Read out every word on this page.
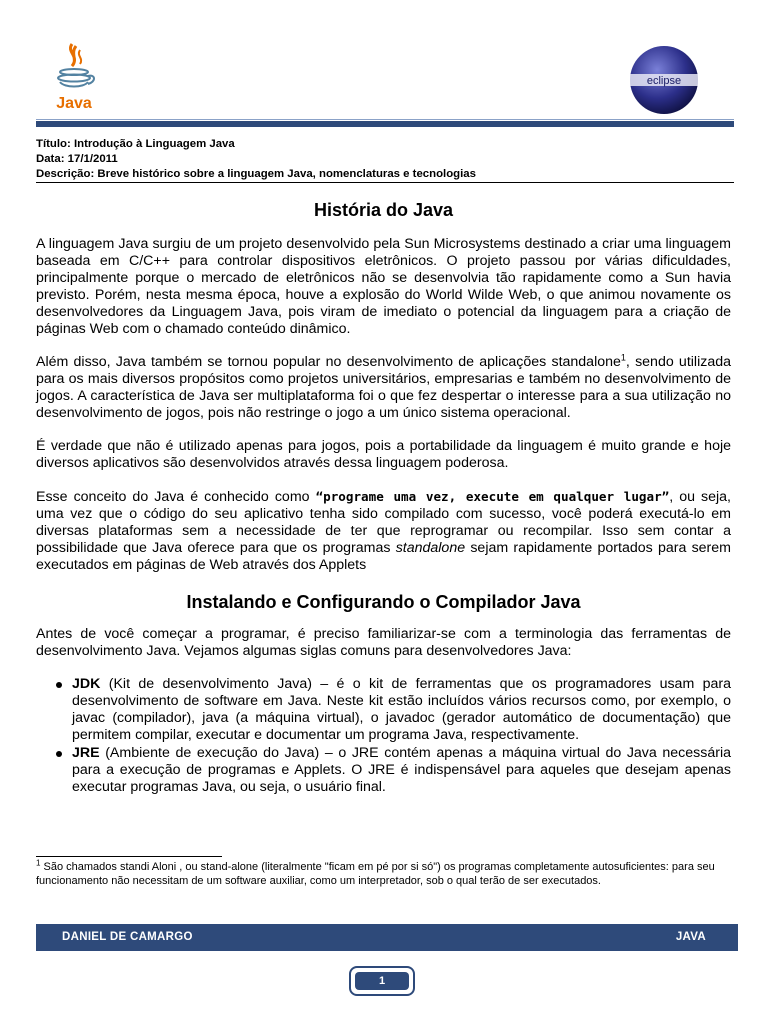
Java
eclipse
Título: Introdução à Linguagem Java
Data: 17/1/2011
Descrição: Breve histórico sobre a linguagem Java, nomenclaturas e tecnologias
História do Java

A linguagem Java surgiu de um projeto desenvolvido pela Sun Microsystems destinado a criar uma linguagem baseada em C/C++ para controlar dispositivos eletrônicos. O projeto passou por várias dificuldades, principalmente porque o mercado de eletrônicos não se desenvolvia tão rapidamente como a Sun havia previsto. Porém, nesta mesma época, houve a explosão do World Wilde Web, o que animou novamente os desenvolvedores da Linguagem Java, pois viram de imediato o potencial da linguagem para a criação de páginas Web com o chamado conteúdo dinâmico.

Além disso, Java também se tornou popular no desenvolvimento de aplicações standalone$^1$, sendo utilizada para os mais diversos propósitos como projetos universitários, empresarias e também no desenvolvimento de jogos. A característica de Java ser multiplataforma foi o que fez despertar o interesse para a sua utilização no desenvolvimento de jogos, pois não restringe o jogo a um único sistema operacional.

É verdade que não é utilizado apenas para jogos, pois a portabilidade da linguagem é muito grande e hoje diversos aplicativos são desenvolvidos através dessa linguagem poderosa.

Esse conceito do Java é conhecido como “programe uma vez, execute em qualquer lugar”, ou seja, uma vez que o código do seu aplicativo tenha sido compilado com sucesso, você poderá executá-lo em diversas plataformas sem a necessidade de ter que reprogramar ou recompilar. Isso sem contar a possibilidade que Java oferece para que os programas standalone sejam rapidamente portados para serem executados em páginas de Web através dos Applets

Instalando e Configurando o Compilador Java

Antes de você começar a programar, é preciso familiarizar-se com a terminologia das ferramentas de desenvolvimento Java. Vejamos algumas siglas comuns para desenvolvedores Java:

JDK (Kit de desenvolvimento Java) – é o kit de ferramentas que os programadores usam para desenvolvimento de software em Java. Neste kit estão incluídos vários recursos como, por exemplo, o javac (compilador), java (a máquina virtual), o javadoc (gerador automático de documentação) que permitem compilar, executar e documentar um programa Java, respectivamente.
JRE (Ambiente de execução do Java) – o JRE contém apenas a máquina virtual do Java necessária para a execução de programas e Applets. O JRE é indispensável para aqueles que desejam apenas executar programas Java, ou seja, o usuário final.
$^1$ São chamados standi Aloni , ou stand-alone (literalmente "ficam em pé por si só") os programas completamente autosuficientes: para seu funcionamento não necessitam de um software auxiliar, como um interpretador, sob o qual terão de ser executados.
DANIEL DE CAMARGO	JAVA
1
